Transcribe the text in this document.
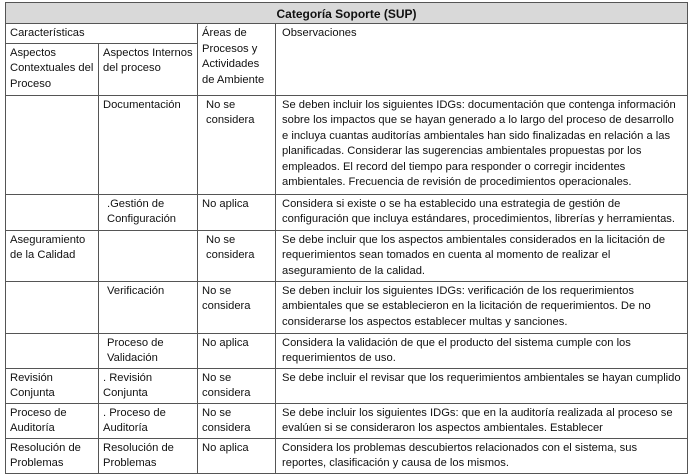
Categoría Soporte (SUP)			
Características		Áreas de Procesos y Actividades de Ambiente	Observaciones
Aspectos Contextuales del Proceso	Aspectos Internos del proceso		
	Documentación	No se considera	Se deben incluir los siguientes IDGs: documentación que contenga información sobre los impactos que se hayan generado a lo largo del proceso de desarrollo e incluya cuantas auditorías ambientales han sido finalizadas en relación a las planificadas. Considerar las sugerencias ambientales propuestas por los empleados. El record del tiempo para responder o corregir incidentes ambientales. Frecuencia de revisión de procedimientos operacionales.
	.Gestión de Configuración	No aplica	Considera si existe o se ha establecido una estrategia de gestión de configuración que incluya estándares, procedimientos, librerías y herramientas.
Aseguramiento de la Calidad		No se considera	Se debe incluir que los aspectos ambientales considerados en la licitación de requerimientos sean tomados en cuenta al momento de realizar el aseguramiento de la calidad.
	Verificación	No se considera	Se deben incluir los siguientes IDGs: verificación de los requerimientos ambientales que se establecieron en la licitación de requerimientos. De no considerarse los aspectos establecer multas y sanciones.
	Proceso de Validación	No aplica	Considera la validación de que el producto del sistema cumple con los requerimientos de uso.
Revisión Conjunta	. Revisión Conjunta	No se considera	Se debe incluir el revisar que los requerimientos ambientales se hayan cumplido
Proceso de Auditoría	. Proceso de Auditoría	No se considera	Se debe incluir los siguientes IDGs: que en la auditoría realizada al proceso se evalúen si se consideraron los aspectos ambientales. Establecer
Resolución de Problemas	Resolución de Problemas	No aplica	Considera los problemas descubiertos relacionados con el sistema, sus reportes, clasificación y causa de los mismos.
